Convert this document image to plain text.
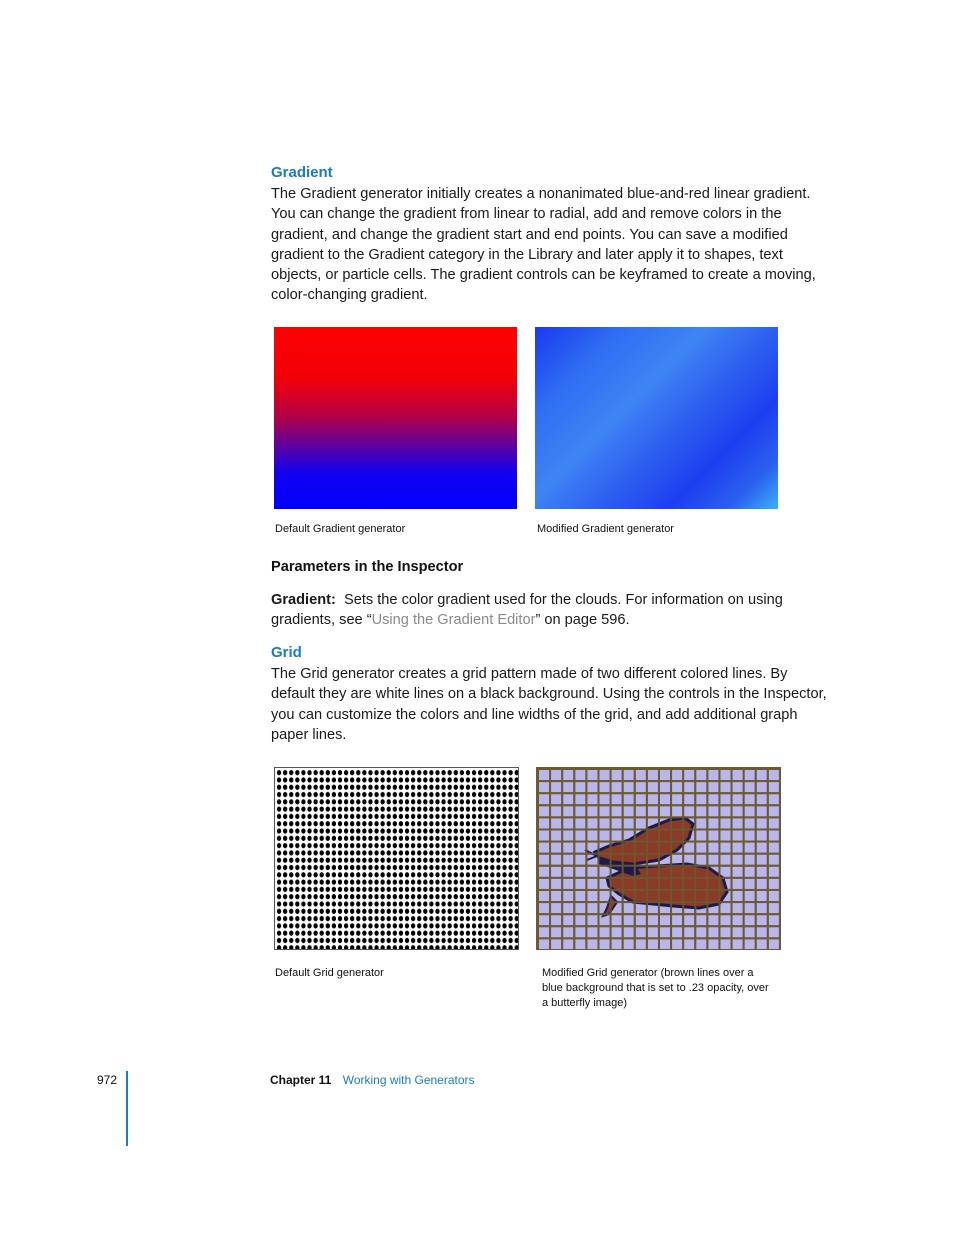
Gradient
The Gradient generator initially creates a nonanimated blue-and-red linear gradient.
You can change the gradient from linear to radial, add and remove colors in the
gradient, and change the gradient start and end points. You can save a modified
gradient to the Gradient category in the Library and later apply it to shapes, text
objects, or particle cells. The gradient controls can be keyframed to create a moving,
color-changing gradient.
Default Gradient generator	Modified Gradient generator
Parameters in the Inspector
Gradient: Sets the color gradient used for the clouds. For information on using
gradients, see “Using the Gradient Editor” on page 596.
Grid
The Grid generator creates a grid pattern made of two different colored lines. By
default they are white lines on a black background. Using the controls in the Inspector,
you can customize the colors and line widths of the grid, and add additional graph
paper lines.
Default Grid generator	Modified Grid generator (brown lines over a
blue background that is set to .23 opacity, over
a butterfly image)
972	Chapter 11 Working with Generators
